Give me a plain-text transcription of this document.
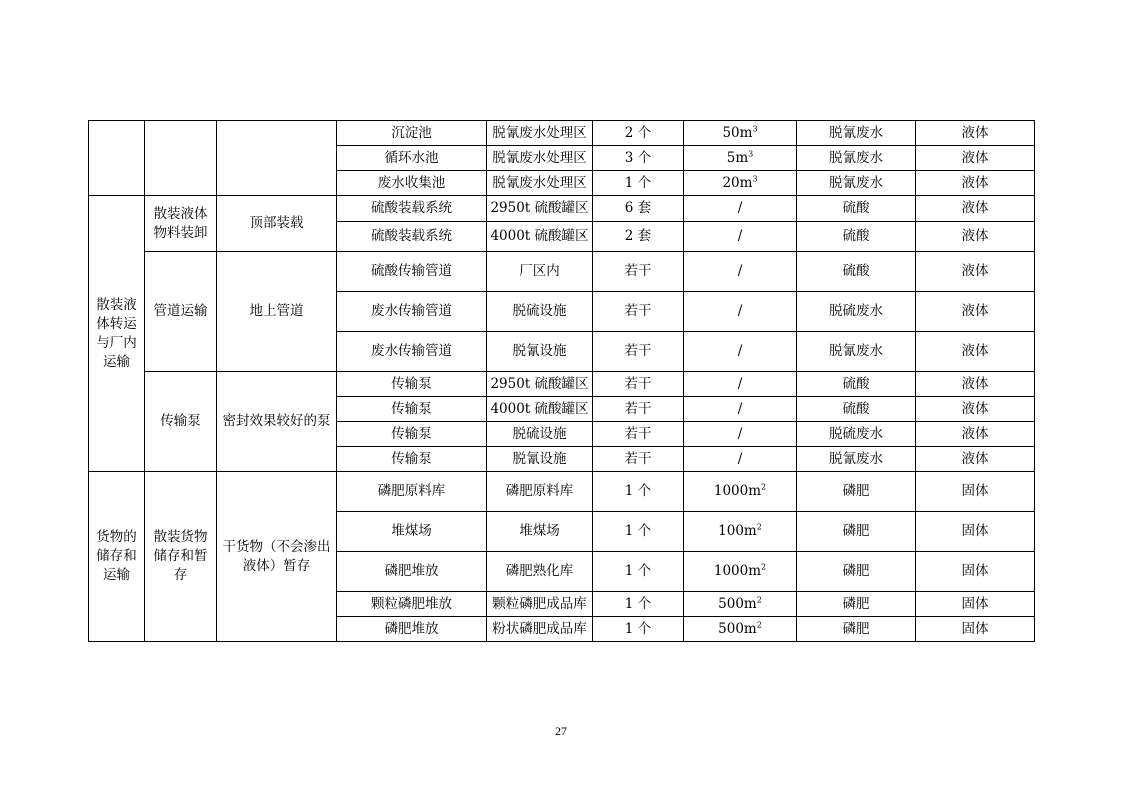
			沉淀池	脱氰废水处理区	2 个	$50m^3$	脱氰废水	液体
			循环水池	脱氰废水处理区	3 个	$5m^3$	脱氰废水	液体
			废水收集池	脱氰废水处理区	1 个	$20m^3$	脱氰废水	液体
散装液体转运与厂内运输	散装液体物料装卸	顶部装载	硫酸装载系统	2950t 硫酸罐区	6 套	/	硫酸	液体
			硫酸装载系统	4000t 硫酸罐区	2 套	/	硫酸	液体
	管道运输	地上管道	硫酸传输管道	厂区内	若干	/	硫酸	液体
			废水传输管道	脱硫设施	若干	/	脱硫废水	液体
			废水传输管道	脱氰设施	若干	/	脱氰废水	液体
	传输泵	密封效果较好的泵	传输泵	2950t 硫酸罐区	若干	/	硫酸	液体
			传输泵	4000t 硫酸罐区	若干	/	硫酸	液体
			传输泵	脱硫设施	若干	/	脱硫废水	液体
			传输泵	脱氰设施	若干	/	脱氰废水	液体
货物的储存和运输	散装货物储存和暂存	干货物（不会渗出液体）暂存	磷肥原料库	磷肥原料库	1 个	$1000m^2$	磷肥	固体
			堆煤场	堆煤场	1 个	$100m^2$	磷肥	固体
			磷肥堆放	磷肥熟化库	1 个	$1000m^2$	磷肥	固体
			颗粒磷肥堆放	颗粒磷肥成品库	1 个	$500m^2$	磷肥	固体
			磷肥堆放	粉状磷肥成品库	1 个	$500m^2$	磷肥	固体
27
